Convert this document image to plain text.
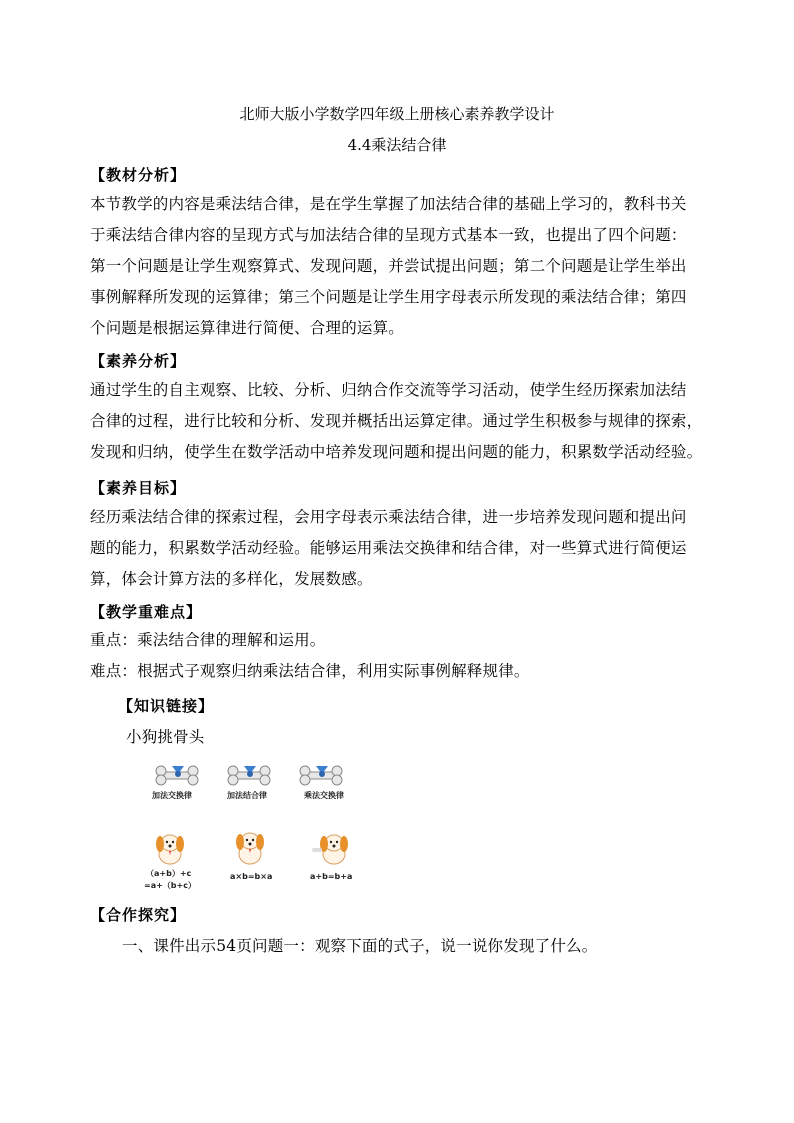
北师大版小学数学四年级上册核心素养教学设计
4.4乘法结合律
【教材分析】
本节教学的内容是乘法结合律，是在学生掌握了加法结合律的基础上学习的，教科书关
于乘法结合律内容的呈现方式与加法结合律的呈现方式基本一致，也提出了四个问题：
第一个问题是让学生观察算式、发现问题，并尝试提出问题；第二个问题是让学生举出
事例解释所发现的运算律；第三个问题是让学生用字母表示所发现的乘法结合律；第四
个问题是根据运算律进行简便、合理的运算。
【素养分析】
通过学生的自主观察、比较、分析、归纳合作交流等学习活动，使学生经历探索加法结
合律的过程，进行比较和分析、发现并概括出运算定律。通过学生积极参与规律的探索，
发现和归纳，使学生在数学活动中培养发现问题和提出问题的能力，积累数学活动经验。
【素养目标】
经历乘法结合律的探索过程，会用字母表示乘法结合律，进一步培养发现问题和提出问
题的能力，积累数学活动经验。能够运用乘法交换律和结合律，对一些算式进行简便运
算，体会计算方法的多样化，发展数感。
【教学重难点】
重点：乘法结合律的理解和运用。
难点：根据式子观察归纳乘法结合律，利用实际事例解释规律。
【知识链接】
小狗挑骨头
加法交换律	加法结合律	乘法交换律
（a+b）+c
=a+（b+c）
a×b=b×a	a+b=b+a
【合作探究】
一、课件出示54页问题一：观察下面的式子，说一说你发现了什么。
